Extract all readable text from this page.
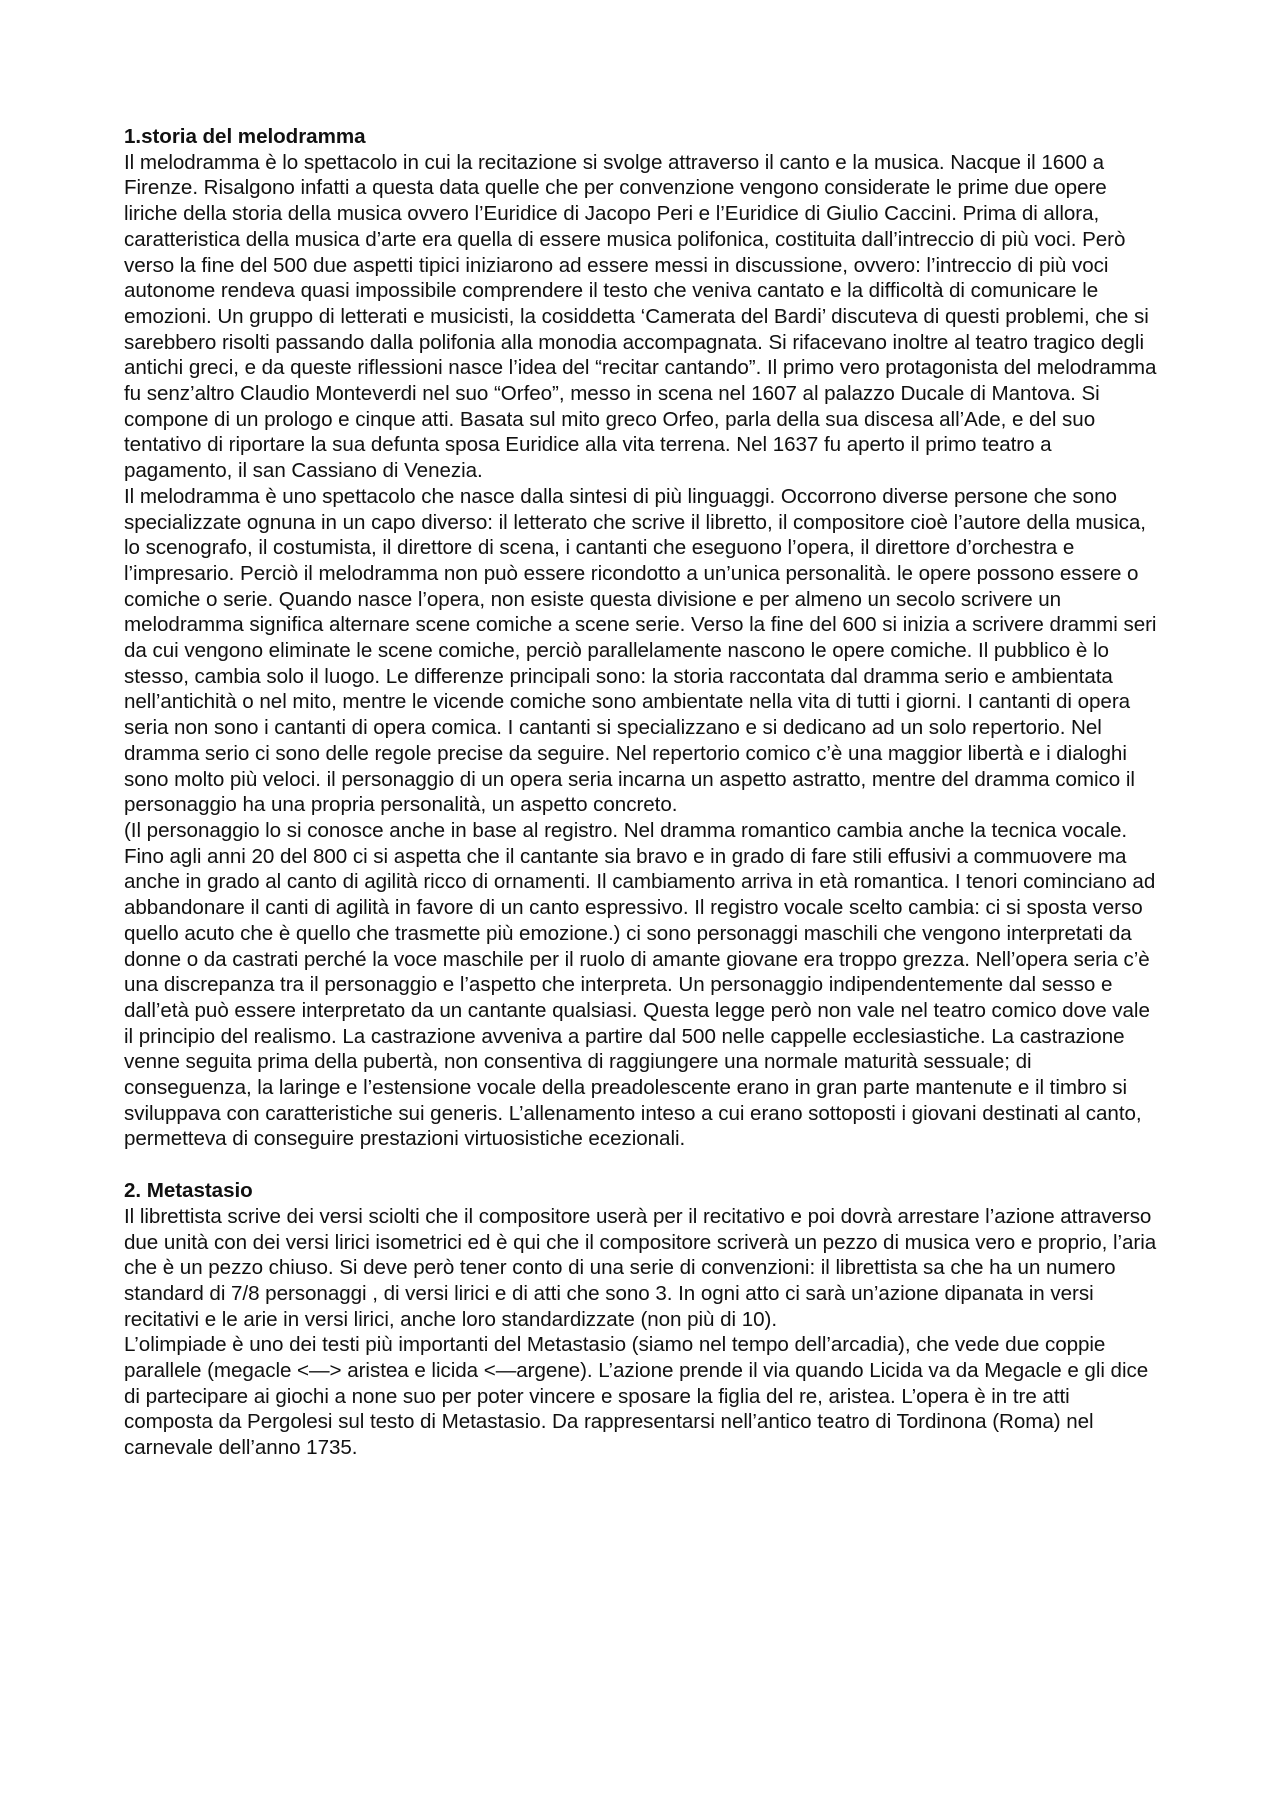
1.storia del melodramma

Il melodramma è lo spettacolo in cui la recitazione si svolge attraverso il canto e la musica. Nacque il 1600 a Firenze. Risalgono infatti a questa data quelle che per convenzione vengono considerate le prime due opere liriche della storia della musica ovvero l’Euridice di Jacopo Peri e l’Euridice di Giulio Caccini. Prima di allora, caratteristica della musica d’arte era quella di essere musica polifonica, costituita dall’intreccio di più voci. Però verso la fine del 500 due aspetti tipici iniziarono ad essere messi in discussione, ovvero: l’intreccio di più voci autonome rendeva quasi impossibile comprendere il testo che veniva cantato e la difficoltà di comunicare le emozioni. Un gruppo di letterati e musicisti, la cosiddetta ‘Camerata del Bardi’ discuteva di questi problemi, che si sarebbero risolti passando dalla polifonia alla monodia accompagnata. Si rifacevano inoltre al teatro tragico degli antichi greci, e da queste riflessioni nasce l’idea del “recitar cantando”. Il primo vero protagonista del melodramma fu senz’altro Claudio Monteverdi nel suo “Orfeo”, messo in scena nel 1607 al palazzo Ducale di Mantova. Si compone di un prologo e cinque atti. Basata sul mito greco Orfeo, parla della sua discesa all’Ade, e del suo tentativo di riportare la sua defunta sposa Euridice alla vita terrena. Nel 1637 fu aperto il primo teatro a pagamento, il san Cassiano di Venezia.

Il melodramma è uno spettacolo che nasce dalla sintesi di più linguaggi. Occorrono diverse persone che sono specializzate ognuna in un capo diverso: il letterato che scrive il libretto, il compositore cioè l’autore della musica, lo scenografo, il costumista, il direttore di scena, i cantanti che eseguono l’opera, il direttore d’orchestra e l’impresario. Perciò il melodramma non può essere ricondotto a un’unica personalità. le opere possono essere o comiche o serie. Quando nasce l’opera, non esiste questa divisione e per almeno un secolo scrivere un melodramma significa alternare scene comiche a scene serie. Verso la fine del 600 si inizia a scrivere drammi seri da cui vengono eliminate le scene comiche, perciò parallelamente nascono le opere comiche. Il pubblico è lo stesso, cambia solo il luogo. Le differenze principali sono: la storia raccontata dal dramma serio e ambientata nell’antichità o nel mito, mentre le vicende comiche sono ambientate nella vita di tutti i giorni. I cantanti di opera seria non sono i cantanti di opera comica. I cantanti si specializzano e si dedicano ad un solo repertorio. Nel dramma serio ci sono delle regole precise da seguire. Nel repertorio comico c’è una maggior libertà e i dialoghi sono molto più veloci. il personaggio di un opera seria incarna un aspetto astratto, mentre del dramma comico il personaggio ha una propria personalità, un aspetto concreto.

(Il personaggio lo si conosce anche in base al registro. Nel dramma romantico cambia anche la tecnica vocale. Fino agli anni 20 del 800 ci si aspetta che il cantante sia bravo e in grado di fare stili effusivi a commuovere ma anche in grado al canto di agilità ricco di ornamenti. Il cambiamento arriva in età romantica. I tenori cominciano ad abbandonare il canti di agilità in favore di un canto espressivo. Il registro vocale scelto cambia: ci si sposta verso quello acuto che è quello che trasmette più emozione.) ci sono personaggi maschili che vengono interpretati da donne o da castrati perché la voce maschile per il ruolo di amante giovane era troppo grezza. Nell’opera seria c’è una discrepanza tra il personaggio e l’aspetto che interpreta. Un personaggio indipendentemente dal sesso e dall’età può essere interpretato da un cantante qualsiasi. Questa legge però non vale nel teatro comico dove vale il principio del realismo. La castrazione avveniva a partire dal 500 nelle cappelle ecclesiastiche. La castrazione venne seguita prima della pubertà, non consentiva di raggiungere una normale maturità sessuale; di conseguenza, la laringe e l’estensione vocale della preadolescente erano in gran parte mantenute e il timbro si sviluppava con caratteristiche sui generis. L’allenamento inteso a cui erano sottoposti i giovani destinati al canto, permetteva di conseguire prestazioni virtuosistiche ecezionali.

2. Metastasio

Il librettista scrive dei versi sciolti che il compositore userà per il recitativo e poi dovrà arrestare l’azione attraverso due unità con dei versi lirici isometrici ed è qui che il compositore scriverà un pezzo di musica vero e proprio, l’aria che è un pezzo chiuso. Si deve però tener conto di una serie di convenzioni: il librettista sa che ha un numero standard di 7/8 personaggi , di versi lirici e di atti che sono 3. In ogni atto ci sarà un’azione dipanata in versi recitativi e le arie in versi lirici, anche loro standardizzate (non più di 10).

L’olimpiade è uno dei testi più importanti del Metastasio (siamo nel tempo dell’arcadia), che vede due coppie parallele (megacle <—> aristea e licida <—argene). L’azione prende il via quando Licida va da Megacle e gli dice di partecipare ai giochi a none suo per poter vincere e sposare la figlia del re, aristea. L’opera è in tre atti composta da Pergolesi sul testo di Metastasio. Da rappresentarsi nell’antico teatro di Tordinona (Roma) nel carnevale dell’anno 1735.
